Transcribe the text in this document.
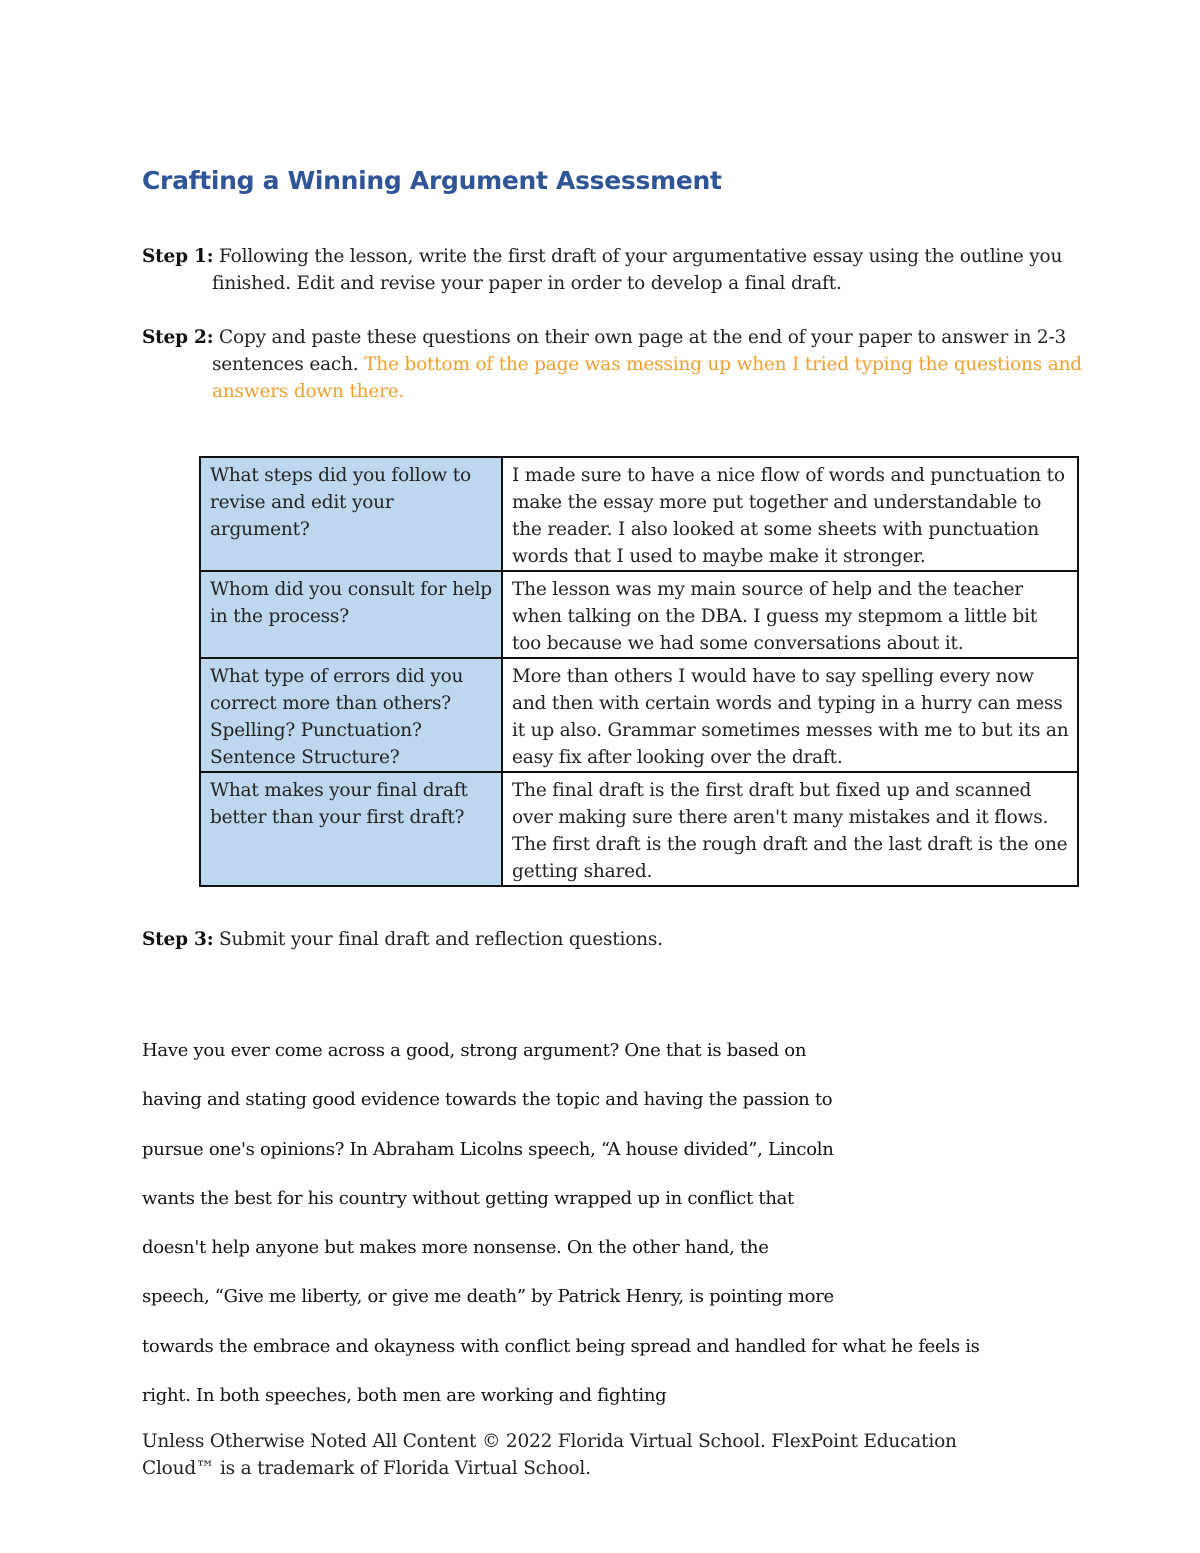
Crafting a Winning Argument Assessment
Step 1: Following the lesson, write the first draft of your argumentative essay using the outline you finished. Edit and revise your paper in order to develop a final draft.
Step 2: Copy and paste these questions on their own page at the end of your paper to answer in 2-3 sentences each. The bottom of the page was messing up when I tried typing the questions and answers down there.
What steps did you follow to revise and edit your argument?	I made sure to have a nice flow of words and punctuation to make the essay more put together and understandable to the reader. I also looked at some sheets with punctuation words that I used to maybe make it stronger.
Whom did you consult for help in the process?	The lesson was my main source of help and the teacher when talking on the DBA. I guess my stepmom a little bit too because we had some conversations about it.
What type of errors did you correct more than others? Spelling? Punctuation? Sentence Structure?	More than others I would have to say spelling every now and then with certain words and typing in a hurry can mess it up also. Grammar sometimes messes with me to but its an easy fix after looking over the draft.
What makes your final draft better than your first draft?	The final draft is the first draft but fixed up and scanned over making sure there aren't many mistakes and it flows. The first draft is the rough draft and the last draft is the one getting shared.
Step 3: Submit your final draft and reflection questions.
Have you ever come across a good, strong argument? One that is based on
having and stating good evidence towards the topic and having the passion to
pursue one's opinions? In Abraham Licolns speech, “A house divided”, Lincoln
wants the best for his country without getting wrapped up in conflict that
doesn't help anyone but makes more nonsense. On the other hand, the
speech, “Give me liberty, or give me death” by Patrick Henry, is pointing more
towards the embrace and okayness with conflict being spread and handled for what he feels is
right. In both speeches, both men are working and fighting
Unless Otherwise Noted All Content © 2022 Florida Virtual School. FlexPoint Education Cloud™ is a trademark of Florida Virtual School.
